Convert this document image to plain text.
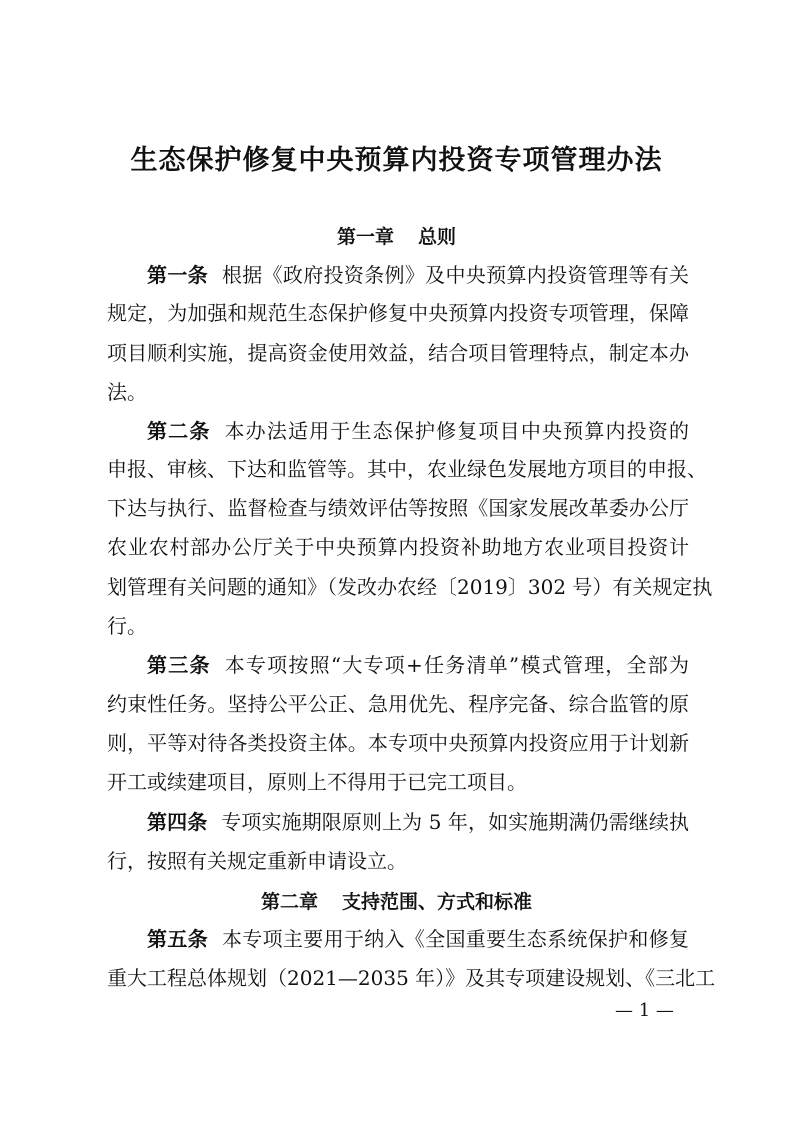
生态保护修复中央预算内投资专项管理办法
第一章 总则
第一条 根据《政府投资条例》及中央预算内投资管理等有关
规定，为加强和规范生态保护修复中央预算内投资专项管理，保障
项目顺利实施，提高资金使用效益，结合项目管理特点，制定本办
法。
第二条 本办法适用于生态保护修复项目中央预算内投资的
申报、审核、下达和监管等。其中，农业绿色发展地方项目的申报、
下达与执行、监督检查与绩效评估等按照《国家发展改革委办公厅
农业农村部办公厅关于中央预算内投资补助地方农业项目投资计
划管理有关问题的通知》（发改办农经〔2019〕302 号）有关规定执
行。
第三条 本专项按照“大专项+任务清单”模式管理，全部为
约束性任务。坚持公平公正、急用优先、程序完备、综合监管的原
则，平等对待各类投资主体。本专项中央预算内投资应用于计划新
开工或续建项目，原则上不得用于已完工项目。
第四条 专项实施期限原则上为 5 年，如实施期满仍需继续执
行，按照有关规定重新申请设立。
第二章 支持范围、方式和标准
第五条 本专项主要用于纳入《全国重要生态系统保护和修复
重大工程总体规划（2021—2035 年）》及其专项建设规划、《三北工
— 1 —
